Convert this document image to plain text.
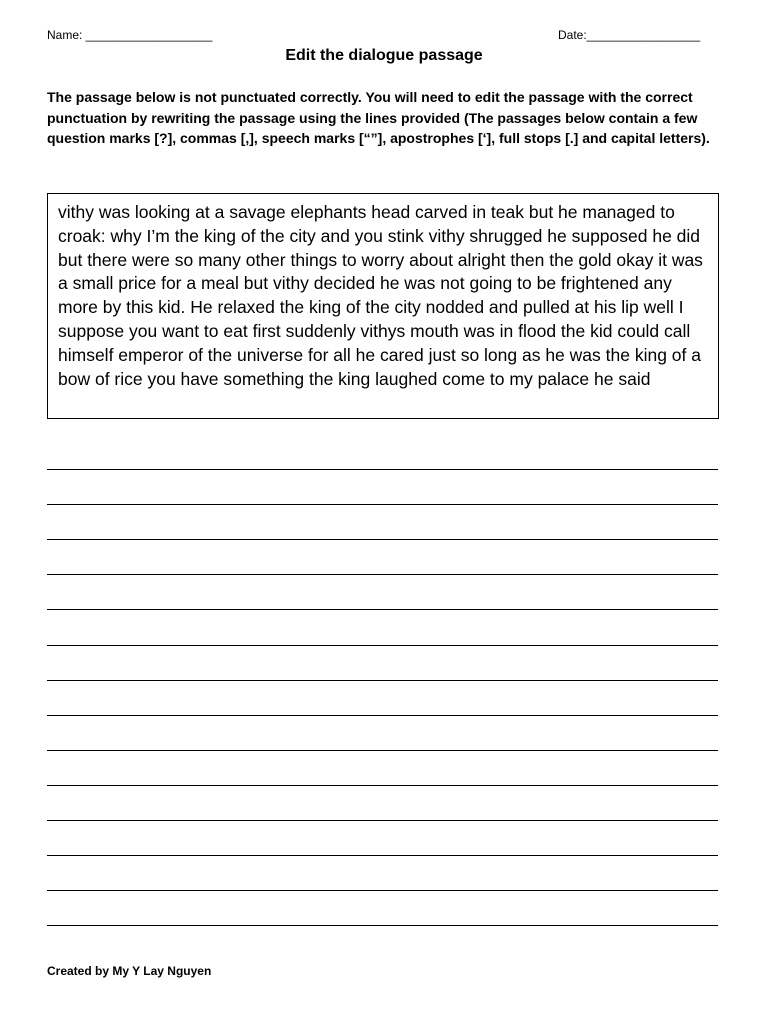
Name: ___________________	Date:_________________
Edit the dialogue passage
The passage below is not punctuated correctly. You will need to edit the passage with the correct punctuation by rewriting the passage using the lines provided (The passages below contain a few question marks [?], commas [,], speech marks [“”], apostrophes [‘], full stops [.] and capital letters).
vithy was looking at a savage elephants head carved in teak but he managed to croak: why I’m the king of the city and you stink vithy shrugged he supposed he did but there were so many other things to worry about alright then the gold okay it was a small price for a meal but vithy decided he was not going to be frightened any more by this kid. He relaxed the king of the city nodded and pulled at his lip well I suppose you want to eat first suddenly vithys mouth was in flood the kid could call himself emperor of the universe for all he cared just so long as he was the king of a bow of rice you have something the king laughed come to my palace he said
Created by My Y Lay Nguyen
